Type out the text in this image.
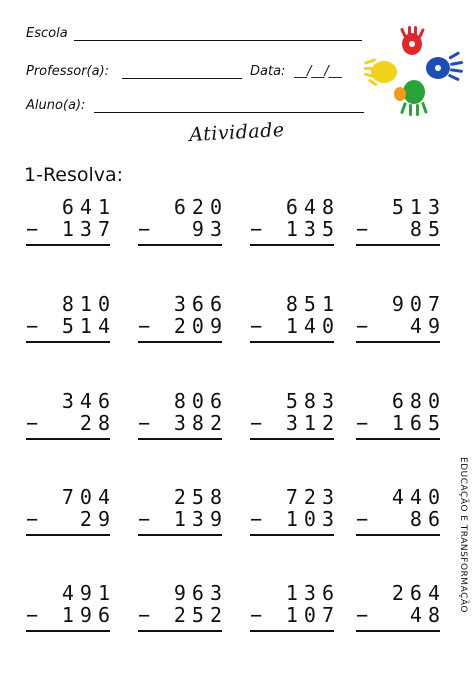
Escola
Professor(a):	Data: __/__/__
Aluno(a):
Atividade
1-Resolva:
641
−	137
620
−	93
648
−	135
513
−	85
810
−	514
366
−	209
851
−	140
907
−	49
346
−	28
806
−	382
583
−	312
680
−	165
704
−	29
258
−	139
723
−	103
440
−	86
491
−	196
963
−	252
136
−	107
264
−	48
EDUCAÇÃO E TRANSFORMAÇÃO
